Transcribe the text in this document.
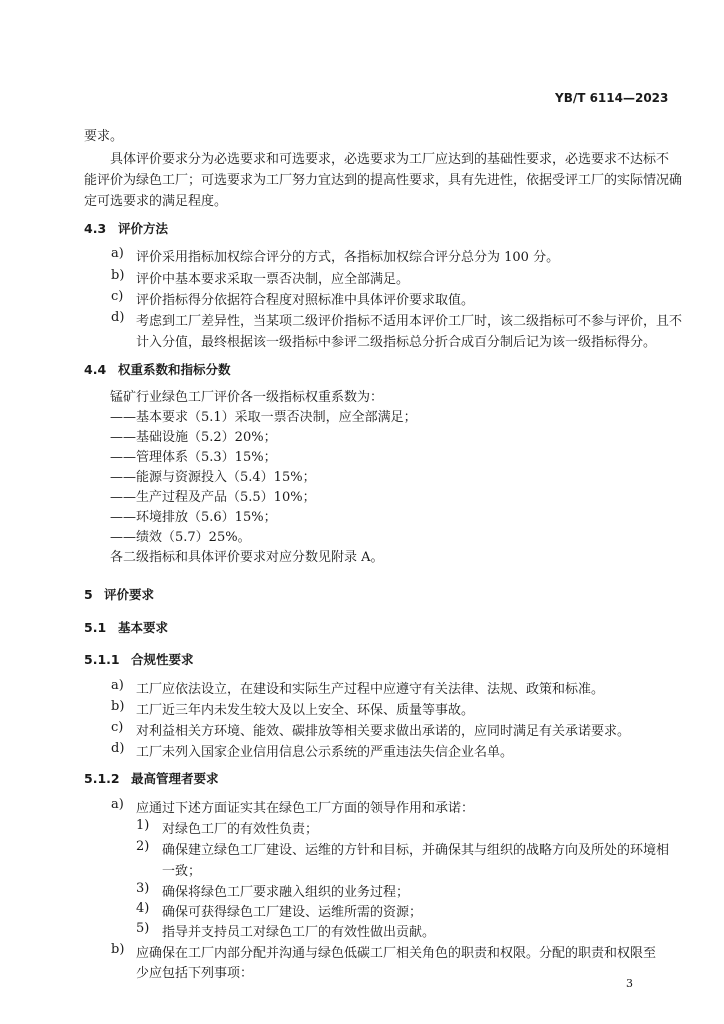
YB/T 6114—2023
要求。
具体评价要求分为必选要求和可选要求，必选要求为工厂应达到的基础性要求，必选要求不达标不
能评价为绿色工厂；可选要求为工厂努力宜达到的提高性要求，具有先进性，依据受评工厂的实际情况确
定可选要求的满足程度。
4.3 评价方法
a) 评价采用指标加权综合评分的方式，各指标加权综合评分总分为 100 分。
b) 评价中基本要求采取一票否决制，应全部满足。
c) 评价指标得分依据符合程度对照标准中具体评价要求取值。
d) 考虑到工厂差异性，当某项二级评价指标不适用本评价工厂时，该二级指标可不参与评价，且不
计入分值，最终根据该一级指标中参评二级指标总分折合成百分制后记为该一级指标得分。
4.4 权重系数和指标分数
锰矿行业绿色工厂评价各一级指标权重系数为：
——基本要求（5.1）采取一票否决制，应全部满足；
——基础设施（5.2）20%；
——管理体系（5.3）15%；
——能源与资源投入（5.4）15%；
——生产过程及产品（5.5）10%；
——环境排放（5.6）15%；
——绩效（5.7）25%。
各二级指标和具体评价要求对应分数见附录 A。
5 评价要求
5.1 基本要求
5.1.1 合规性要求
a) 工厂应依法设立，在建设和实际生产过程中应遵守有关法律、法规、政策和标准。
b) 工厂近三年内未发生较大及以上安全、环保、质量等事故。
c) 对利益相关方环境、能效、碳排放等相关要求做出承诺的，应同时满足有关承诺要求。
d) 工厂未列入国家企业信用信息公示系统的严重违法失信企业名单。
5.1.2 最高管理者要求
a) 应通过下述方面证实其在绿色工厂方面的领导作用和承诺：
1) 对绿色工厂的有效性负责；
2) 确保建立绿色工厂建设、运维的方针和目标，并确保其与组织的战略方向及所处的环境相
一致；
3) 确保将绿色工厂要求融入组织的业务过程；
4) 确保可获得绿色工厂建设、运维所需的资源；
5) 指导并支持员工对绿色工厂的有效性做出贡献。
b) 应确保在工厂内部分配并沟通与绿色低碳工厂相关角色的职责和权限。分配的职责和权限至
少应包括下列事项：
3
